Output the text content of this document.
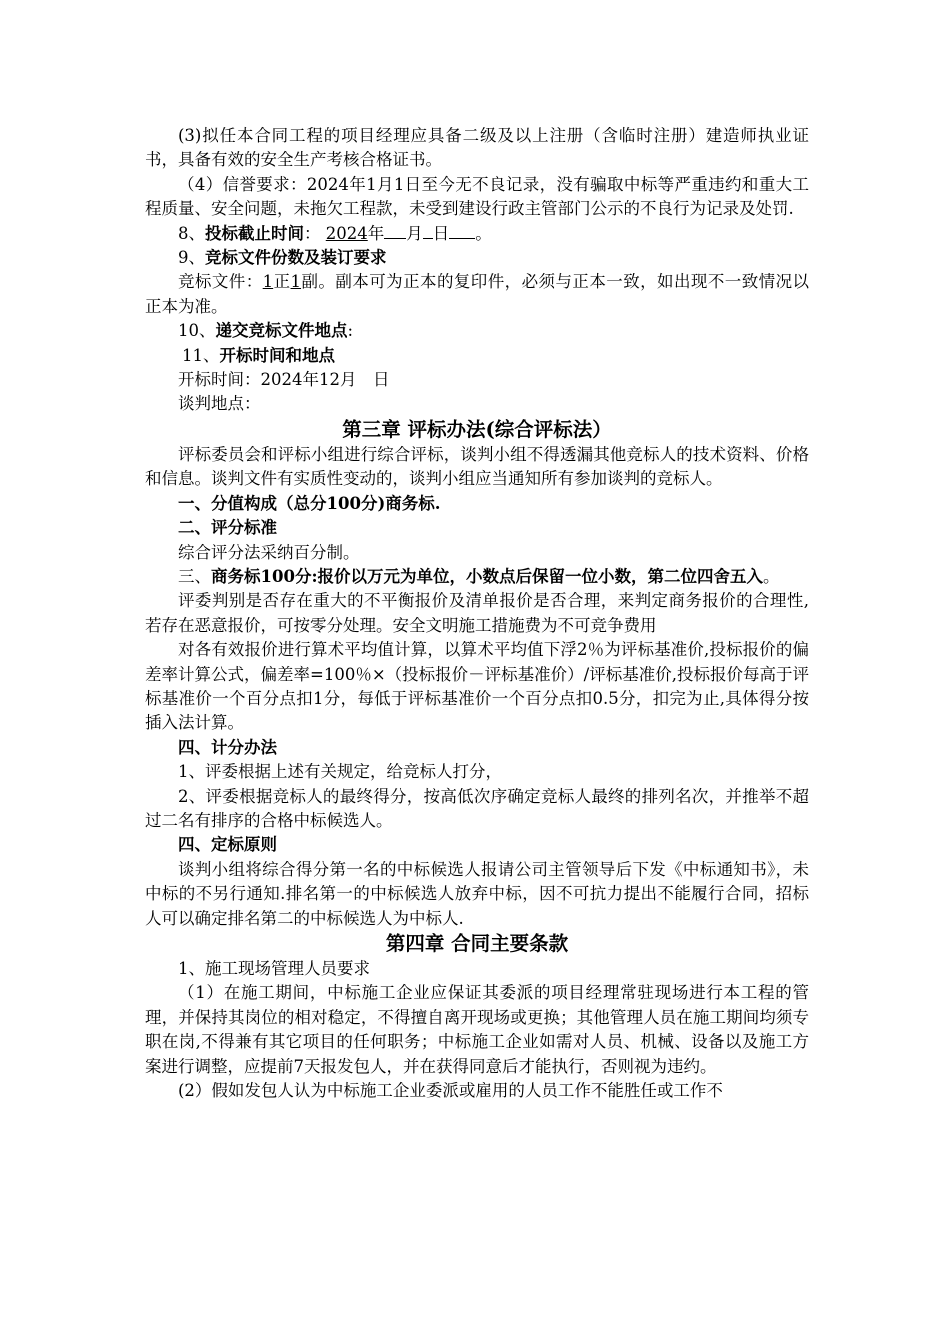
(3)拟任本合同工程的项目经理应具备二级及以上注册（含临时注册）建造师执业证书，具备有效的安全生产考核合格证书。

（4）信誉要求：2024年1月1日至今无不良记录，没有骗取中标等严重违约和重大工程质量、安全问题，未拖欠工程款，未受到建设行政主管部门公示的不良行为记录及处罚.

8、投标截止时间： 2024年 月 日 。

9、竞标文件份数及装订要求

竞标文件：1正1副。副本可为正本的复印件，必须与正本一致，如出现不一致情况以正本为准。

10、递交竞标文件地点:

11、开标时间和地点

开标时间：2024年12月　日

谈判地点：

第三章 评标办法(综合评标法）

评标委员会和评标小组进行综合评标，谈判小组不得透漏其他竞标人的技术资料、价格和信息。谈判文件有实质性变动的，谈判小组应当通知所有参加谈判的竞标人。

一、分值构成（总分100分)商务标.

二、评分标准

综合评分法采纳百分制。

三、商务标100分:报价以万元为单位，小数点后保留一位小数，第二位四舍五入。

评委判别是否存在重大的不平衡报价及清单报价是否合理，来判定商务报价的合理性,若存在恶意报价，可按零分处理。安全文明施工措施费为不可竞争费用

对各有效报价进行算术平均值计算，以算术平均值下浮2％为评标基准价,投标报价的偏差率计算公式，偏差率=100％×（投标报价－评标基准价）/评标基准价,投标报价每高于评标基准价一个百分点扣1分，每低于评标基准价一个百分点扣0.5分，扣完为止,具体得分按插入法计算。

四、计分办法

1、评委根据上述有关规定，给竞标人打分，

2、评委根据竞标人的最终得分，按高低次序确定竞标人最终的排列名次，并推举不超过二名有排序的合格中标候选人。

四、定标原则

谈判小组将综合得分第一名的中标候选人报请公司主管领导后下发《中标通知书》，未中标的不另行通知.排名第一的中标候选人放弃中标，因不可抗力提出不能履行合同，招标人可以确定排名第二的中标候选人为中标人.

第四章 合同主要条款

1、施工现场管理人员要求

（1）在施工期间，中标施工企业应保证其委派的项目经理常驻现场进行本工程的管理，并保持其岗位的相对稳定，不得擅自离开现场或更换；其他管理人员在施工期间均须专职在岗,不得兼有其它项目的任何职务；中标施工企业如需对人员、机械、设备以及施工方案进行调整，应提前7天报发包人，并在获得同意后才能执行，否则视为违约。

(2）假如发包人认为中标施工企业委派或雇用的人员工作不能胜任或工作不
